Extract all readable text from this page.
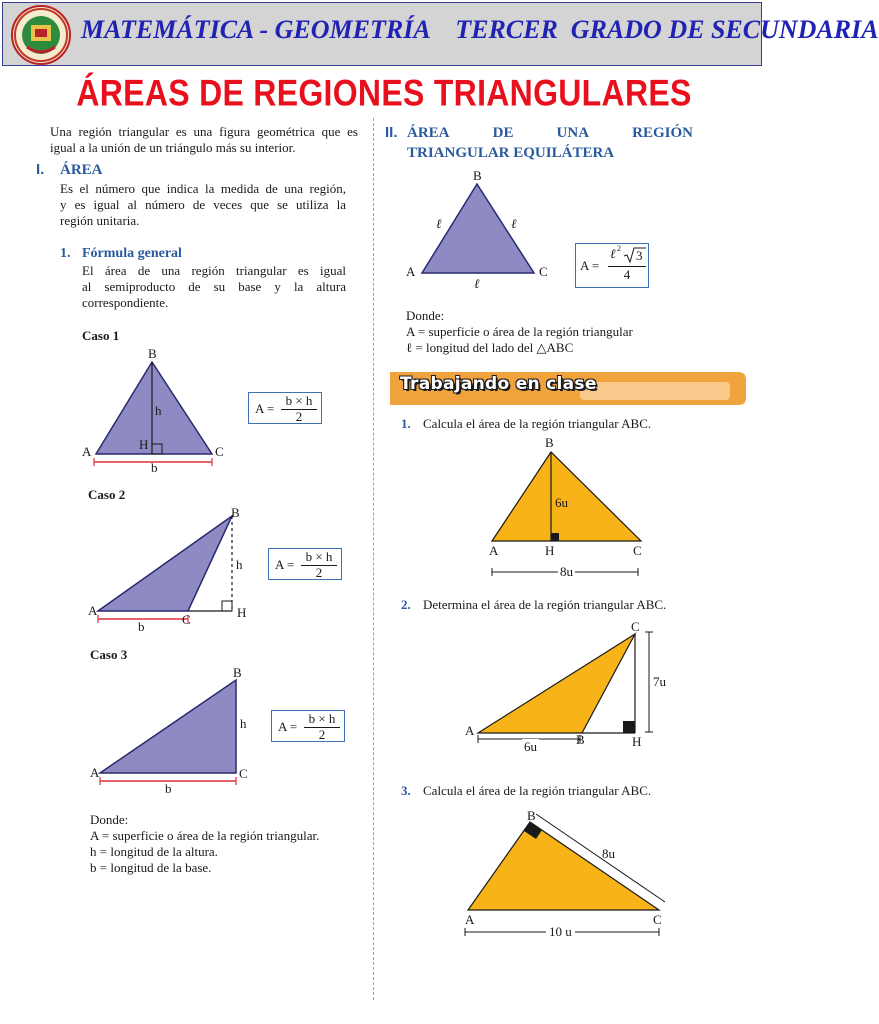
MATEMÁTICA - GEOMETRÍA    TERCER  GRADO DE SECUNDARIA
ÁREAS DE REGIONES TRIANGULARES
Una región triangular es una figura geométrica que es
igual a la unión de un triángulo más su interior.
I. ÁREA
Es el número que indica la medida de una región,
y es igual al número de veces que se utiliza la
región unitaria.
1. Fórmula general
El área de una región triangular es igual
al semiproducto de su base y la altura
correspondiente.
Caso 1
B
h
A	H	C
b
A =
b × h
2
Caso 2
B
h
A
C	H
b
A =
b × h
2
Caso 3
B
h
A	C
b
A =
b × h
2
Donde:
A = superficie o área de la región triangular.
h = longitud de la altura.
b = longitud de la base.
II. ÁREA	DE	UNA	REGIÓN
TRIANGULAR EQUILÁTERA
B
ℓ	ℓ
A	C
ℓ
A =
ℓ 2 3
4
Donde:
A = superficie o área de la región triangular
ℓ = longitud del lado del △ABC
Trabajando en clase
1. Calcula el área de la región triangular ABC.
B
6u
A	H	C
8u
2. Determina el área de la región triangular ABC.
C
7u
A
B	H
6u
3. Calcula el área de la región triangular ABC.
B
8u
A	C
10 u
